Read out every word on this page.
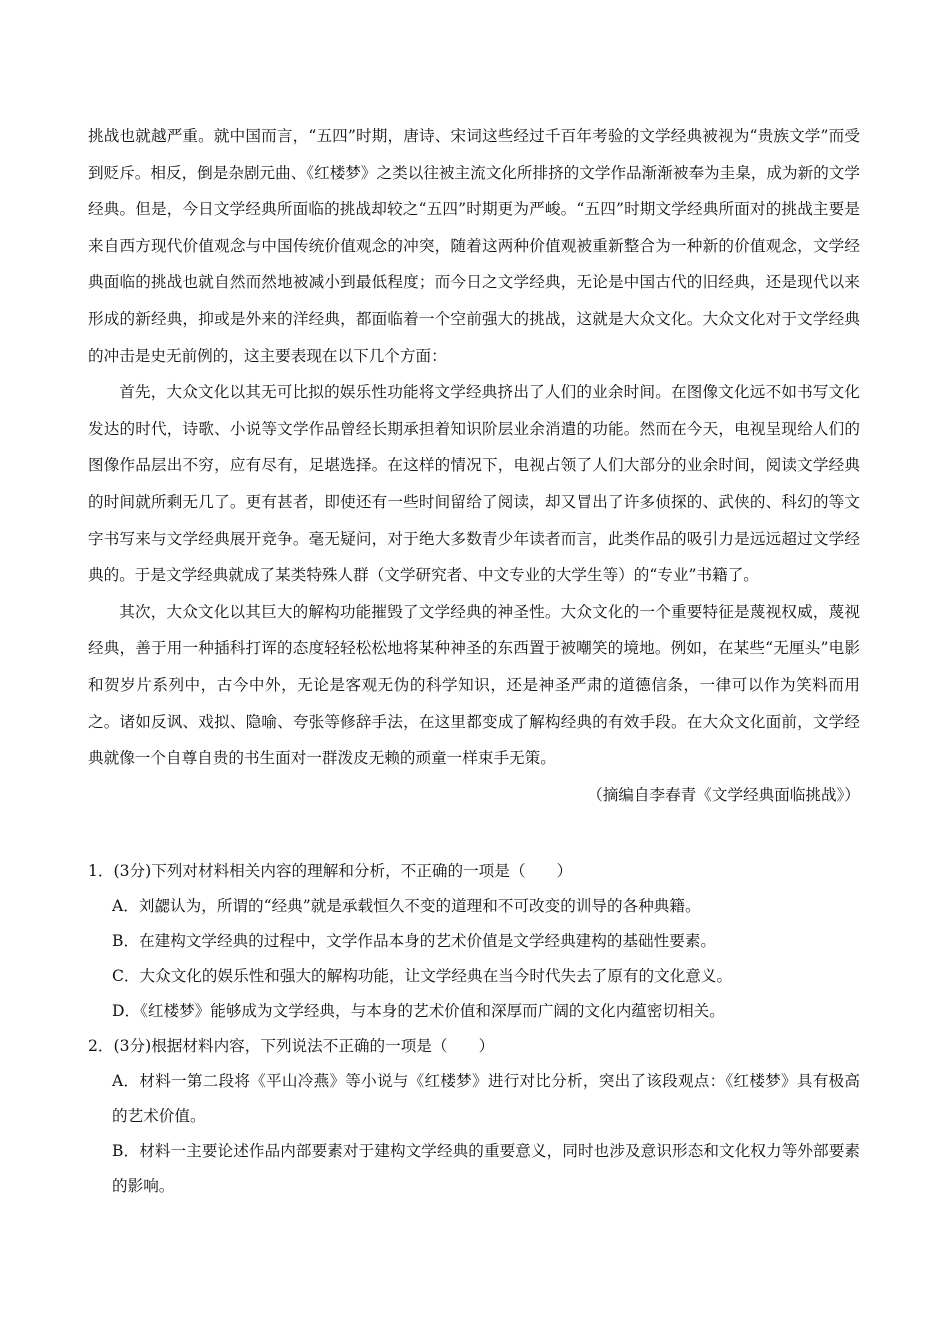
挑战也就越严重。就中国而言，“五四”时期，唐诗、宋词这些经过千百年考验的文学经典被视为“贵族文学”而受到贬斥。相反，倒是杂剧元曲、《红楼梦》之类以往被主流文化所排挤的文学作品渐渐被奉为圭臬，成为新的文学经典。但是，今日文学经典所面临的挑战却较之“五四”时期更为严峻。“五四”时期文学经典所面对的挑战主要是来自西方现代价值观念与中国传统价值观念的冲突，随着这两种价值观被重新整合为一种新的价值观念，文学经典面临的挑战也就自然而然地被减小到最低程度；而今日之文学经典，无论是中国古代的旧经典，还是现代以来形成的新经典，抑或是外来的洋经典，都面临着一个空前强大的挑战，这就是大众文化。大众文化对于文学经典的冲击是史无前例的，这主要表现在以下几个方面：

首先，大众文化以其无可比拟的娱乐性功能将文学经典挤出了人们的业余时间。在图像文化远不如书写文化发达的时代，诗歌、小说等文学作品曾经长期承担着知识阶层业余消遣的功能。然而在今天，电视呈现给人们的图像作品层出不穷，应有尽有，足堪选择。在这样的情况下，电视占领了人们大部分的业余时间，阅读文学经典的时间就所剩无几了。更有甚者，即使还有一些时间留给了阅读，却又冒出了许多侦探的、武侠的、科幻的等文字书写来与文学经典展开竞争。毫无疑问，对于绝大多数青少年读者而言，此类作品的吸引力是远远超过文学经典的。于是文学经典就成了某类特殊人群（文学研究者、中文专业的大学生等）的“专业”书籍了。

其次，大众文化以其巨大的解构功能摧毁了文学经典的神圣性。大众文化的一个重要特征是蔑视权威，蔑视经典，善于用一种插科打诨的态度轻轻松松地将某种神圣的东西置于被嘲笑的境地。例如，在某些“无厘头”电影和贺岁片系列中，古今中外，无论是客观无伪的科学知识，还是神圣严肃的道德信条，一律可以作为笑料而用之。诸如反讽、戏拟、隐喻、夸张等修辞手法，在这里都变成了解构经典的有效手段。在大众文化面前，文学经典就像一个自尊自贵的书生面对一群泼皮无赖的顽童一样束手无策。

（摘编自李春青《文学经典面临挑战》）

1．(3分)下列对材料相关内容的理解和分析，不正确的一项是（　　）

A．刘勰认为，所谓的“经典”就是承载恒久不变的道理和不可改变的训导的各种典籍。

B．在建构文学经典的过程中，文学作品本身的艺术价值是文学经典建构的基础性要素。

C．大众文化的娱乐性和强大的解构功能，让文学经典在当今时代失去了原有的文化意义。

D．《红楼梦》能够成为文学经典，与本身的艺术价值和深厚而广阔的文化内蕴密切相关。

2．(3分)根据材料内容，下列说法不正确的一项是（　　）

A．材料一第二段将《平山冷燕》等小说与《红楼梦》进行对比分析，突出了该段观点：《红楼梦》具有极高的艺术价值。

B．材料一主要论述作品内部要素对于建构文学经典的重要意义，同时也涉及意识形态和文化权力等外部要素的影响。
